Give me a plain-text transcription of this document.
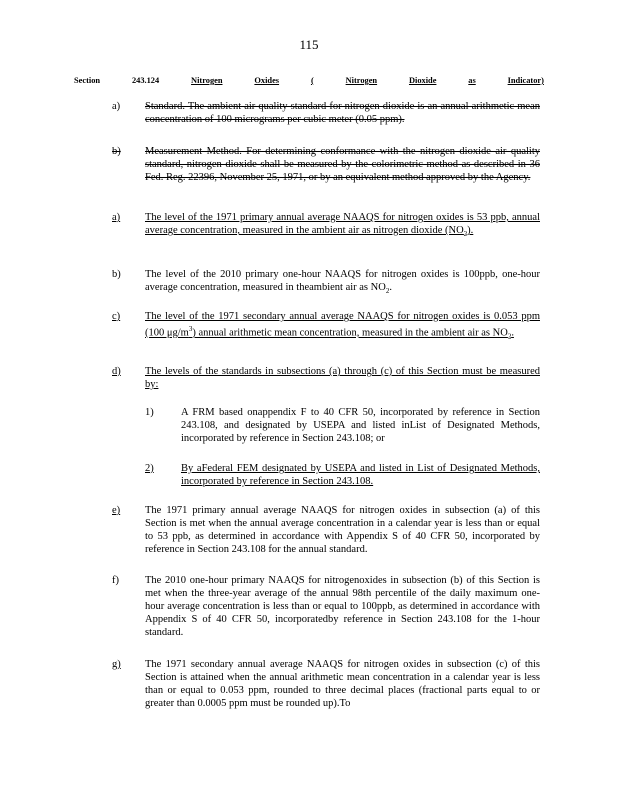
115
Section	243.124	Nitrogen	Oxides	(	Nitrogen	Dioxide	as	Indicator)
a) Standard. The ambient air quality standard for nitrogen dioxide is an annual arithmetic mean concentration of 100 micrograms per cubic meter (0.05 ppm).
b) Measurement Method. For determining conformance with the nitrogen dioxide air quality standard, nitrogen dioxide shall be measured by the colorimetric method as described in 36 Fed. Reg. 22396, November 25, 1971, or by an equivalent method approved by the Agency.
a) The level of the 1971 primary annual average NAAQS for nitrogen oxides is 53 ppb, annual average concentration, measured in the ambient air as nitrogen dioxide $(NO_2)$.
b) The level of the 2010 primary one-hour NAAQS for nitrogen oxides is 100ppb, one-hour average concentration, measured in theambient air as $NO_2$.
c) The level of the 1971 secondary annual average NAAQS for nitrogen oxides is 0.053 ppm (100 $\mu g/m^3$) annual arithmetic mean concentration, measured in the ambient air as $NO_2$.
d) The levels of the standards in subsections (a) through (c) of this Section must be measured by:
1)	A FRM based onappendix F to 40 CFR 50, incorporated by reference in Section 243.108, and designated by USEPA and listed inList of Designated Methods, incorporated by reference in Section 243.108; or
2)	By aFederal FEM designated by USEPA and listed in List of Designated Methods, incorporated by reference in Section 243.108.
e) The 1971 primary annual average NAAQS for nitrogen oxides in subsection (a) of this Section is met when the annual average concentration in a calendar year is less than or equal to 53 ppb, as determined in accordance with Appendix S of 40 CFR 50, incorporated by reference in Section 243.108 for the annual standard.
f) The 2010 one-hour primary NAAQS for nitrogenoxides in subsection (b) of this Section is met when the three-year average of the annual 98th percentile of the daily maximum one-hour average concentration is less than or equal to 100ppb, as determined in accordance with Appendix S of 40 CFR 50, incorporatedby reference in Section 243.108 for the 1-hour standard.
g) The 1971 secondary annual average NAAQS for nitrogen oxides in subsection (c) of this Section is attained when the annual arithmetic mean concentration in a calendar year is less than or equal to 0.053 ppm, rounded to three decimal places (fractional parts equal to or greater than 0.0005 ppm must be rounded up).To
